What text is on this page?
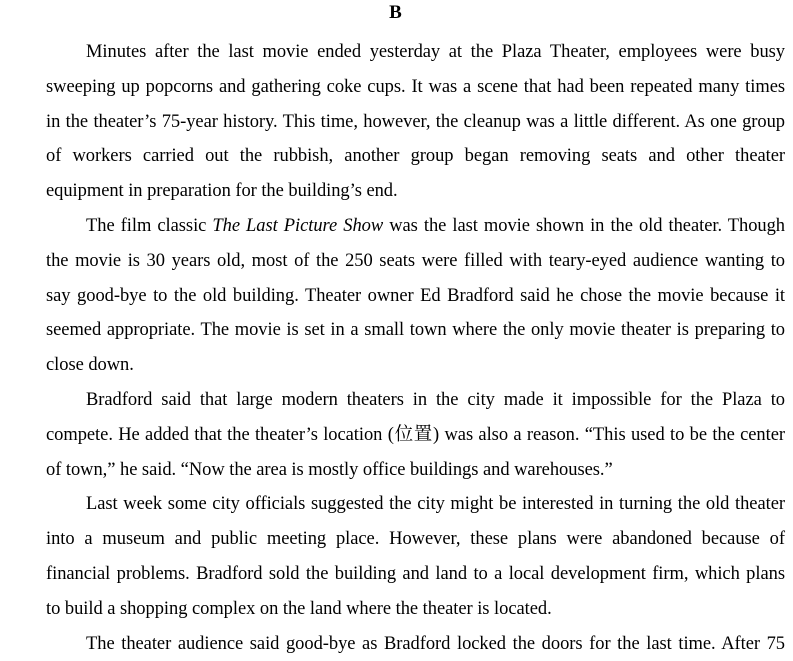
B
Minutes after the last movie ended yesterday at the Plaza Theater, employees were busy
sweeping up popcorns and gathering coke cups. It was a scene that had been repeated many times
in the theater’s 75-year history. This time, however, the cleanup was a little different. As one group
of workers carried out the rubbish, another group began removing seats and other theater
equipment in preparation for the building’s end.
The film classic The Last Picture Show was the last movie shown in the old theater. Though
the movie is 30 years old, most of the 250 seats were filled with teary-eyed audience wanting to
say good-bye to the old building. Theater owner Ed Bradford said he chose the movie because it
seemed appropriate. The movie is set in a small town where the only movie theater is preparing to
close down.
Bradford said that large modern theaters in the city made it impossible for the Plaza to
compete. He added that the theater’s location (位置) was also a reason. “This used to be the center
of town,” he said. “Now the area is mostly office buildings and warehouses.”
Last week some city officials suggested the city might be interested in turning the old theater
into a museum and public meeting place. However, these plans were abandoned because of
financial problems. Bradford sold the building and land to a local development firm, which plans
to build a shopping complex on the land where the theater is located.
The theater audience said good-bye as Bradford locked the doors for the last time. After 75
